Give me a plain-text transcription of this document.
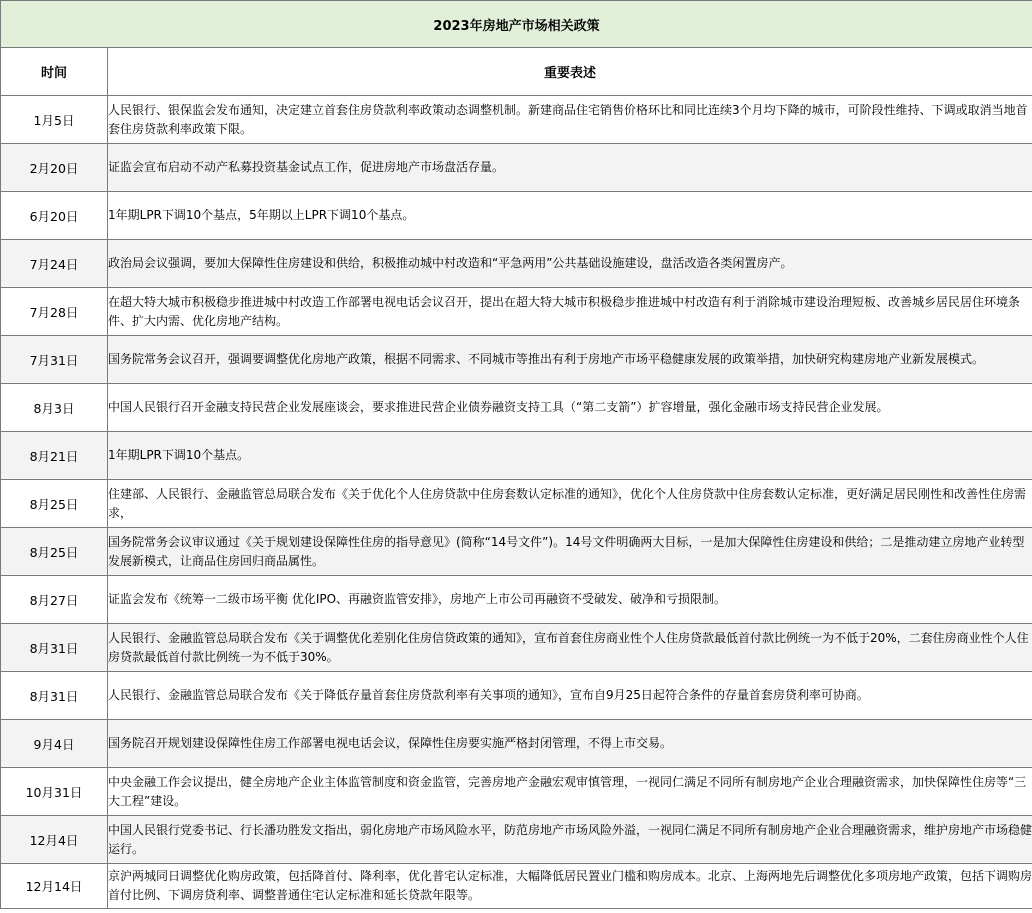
2023年房地产市场相关政策	
时间	重要表述
1月5日	人民银行、银保监会发布通知，决定建立首套住房贷款利率政策动态调整机制。新建商品住宅销售价格环比和同比连续3个月均下降的城市，可阶段性维持、下调或取消当地首套住房贷款利率政策下限。
2月20日	证监会宣布启动不动产私募投资基金试点工作，促进房地产市场盘活存量。
6月20日	1年期LPR下调10个基点，5年期以上LPR下调10个基点。
7月24日	政治局会议强调，要加大保障性住房建设和供给，积极推动城中村改造和“平急两用”公共基础设施建设，盘活改造各类闲置房产。
7月28日	在超大特大城市积极稳步推进城中村改造工作部署电视电话会议召开，提出在超大特大城市积极稳步推进城中村改造有利于消除城市建设治理短板、改善城乡居民居住环境条件、扩大内需、优化房地产结构。
7月31日	国务院常务会议召开，强调要调整优化房地产政策，根据不同需求、不同城市等推出有利于房地产市场平稳健康发展的政策举措，加快研究构建房地产业新发展模式。
8月3日	中国人民银行召开金融支持民营企业发展座谈会，要求推进民营企业债券融资支持工具（“第二支箭”）扩容增量，强化金融市场支持民营企业发展。
8月21日	1年期LPR下调10个基点。
8月25日	住建部、人民银行、金融监管总局联合发布《关于优化个人住房贷款中住房套数认定标准的通知》，优化个人住房贷款中住房套数认定标准，更好满足居民刚性和改善性住房需求，
8月25日	国务院常务会议审议通过《关于规划建设保障性住房的指导意见》(简称“14号文件”)。14号文件明确两大目标，一是加大保障性住房建设和供给；二是推动建立房地产业转型发展新模式，让商品住房回归商品属性。
8月27日	证监会发布《统筹一二级市场平衡 优化IPO、再融资监管安排》，房地产上市公司再融资不受破发、破净和亏损限制。
8月31日	人民银行、金融监管总局联合发布《关于调整优化差别化住房信贷政策的通知》，宣布首套住房商业性个人住房贷款最低首付款比例统一为不低于20%，二套住房商业性个人住房贷款最低首付款比例统一为不低于30%。
8月31日	人民银行、金融监管总局联合发布《关于降低存量首套住房贷款利率有关事项的通知》，宣布自9月25日起符合条件的存量首套房贷利率可协商。
9月4日	国务院召开规划建设保障性住房工作部署电视电话会议，保障性住房要实施严格封闭管理，不得上市交易。
10月31日	中央金融工作会议提出，健全房地产企业主体监管制度和资金监管，完善房地产金融宏观审慎管理，一视同仁满足不同所有制房地产企业合理融资需求，加快保障性住房等“三大工程”建设。
12月4日	中国人民银行党委书记、行长潘功胜发文指出，弱化房地产市场风险水平，防范房地产市场风险外溢，一视同仁满足不同所有制房地产企业合理融资需求，维护房地产市场稳健运行。
12月14日	京沪两城同日调整优化购房政策，包括降首付、降利率，优化普宅认定标准，大幅降低居民置业门槛和购房成本。北京、上海两地先后调整优化多项房地产政策，包括下调购房首付比例、下调房贷利率、调整普通住宅认定标准和延长贷款年限等。
